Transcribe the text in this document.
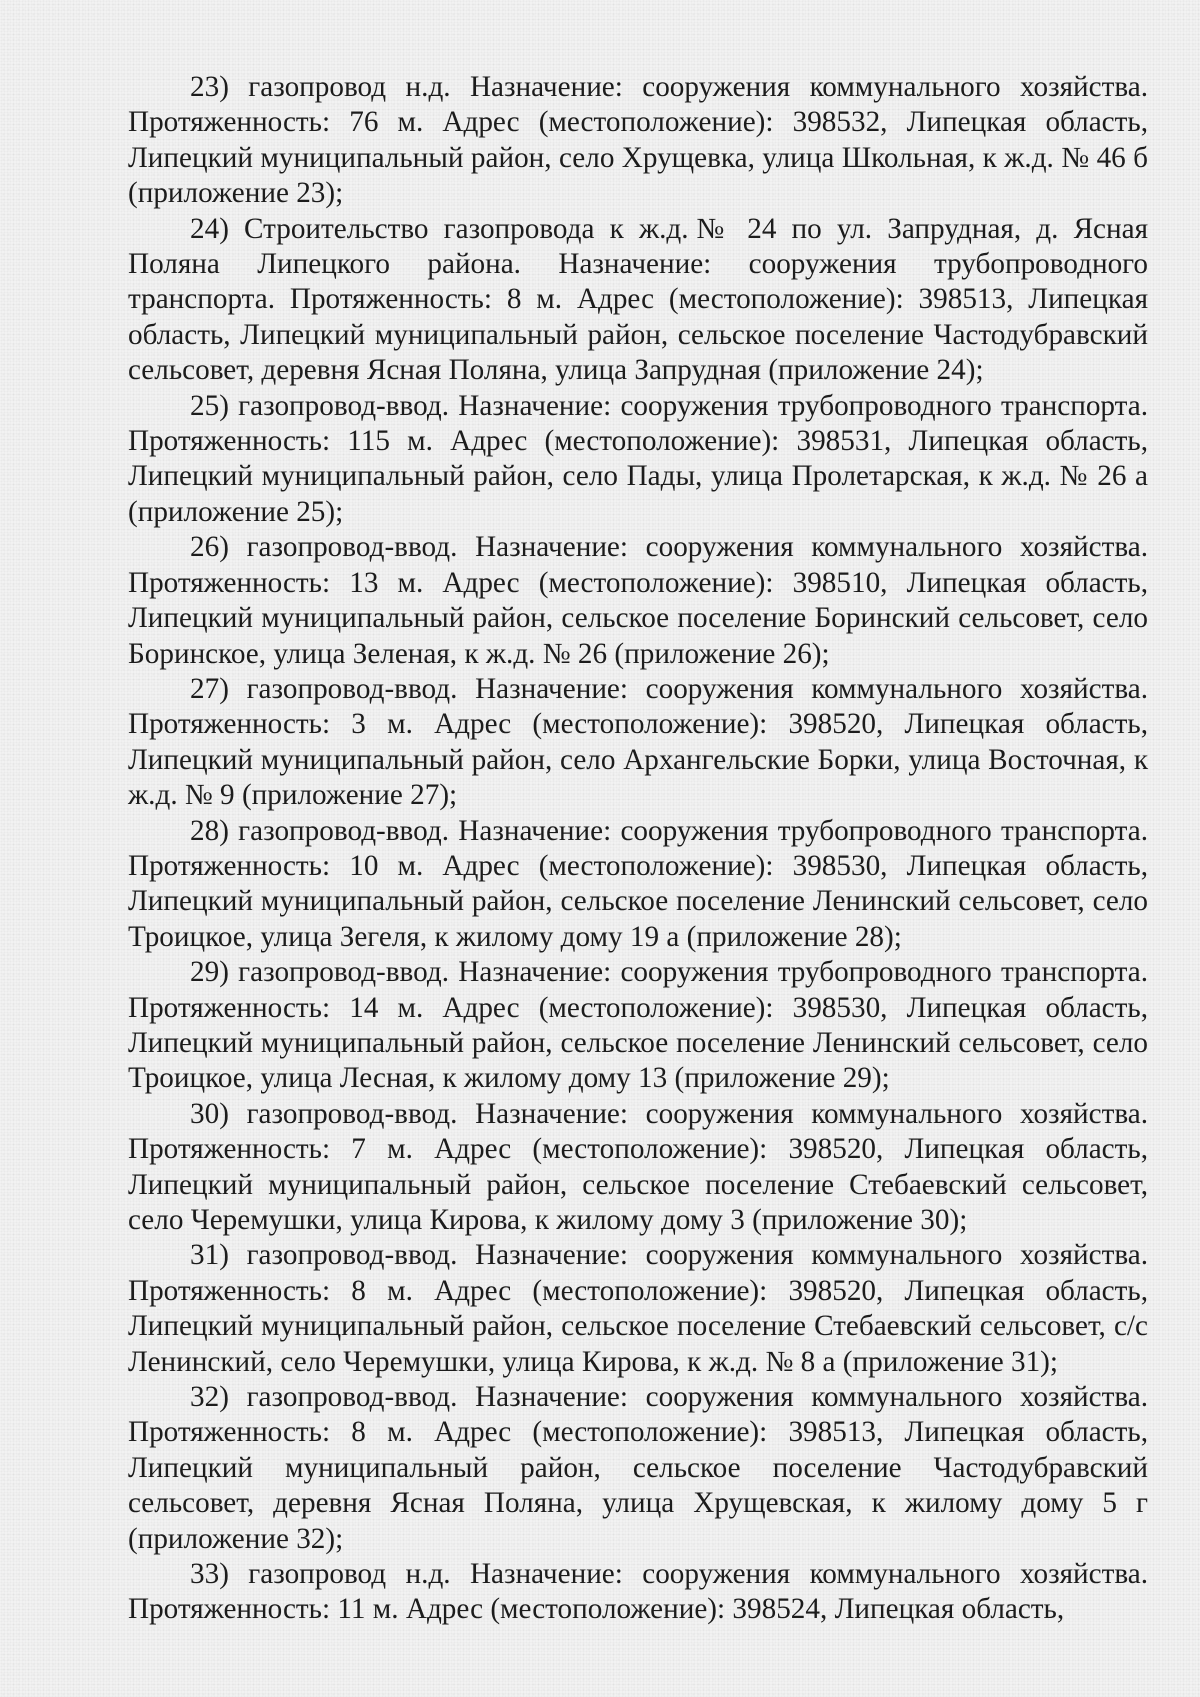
23) газопровод н.д. Назначение: сооружения коммунального хозяйства. Протяженность: 76 м. Адрес (местоположение): 398532, Липецкая область, Липецкий муниципальный район, село Хрущевка, улица Школьная, к ж.д. № 46 б (приложение 23);

24) Строительство газопровода к ж.д.№ 24 по ул. Запрудная, д. Ясная Поляна Липецкого района. Назначение: сооружения трубопроводного транспорта. Протяженность: 8 м. Адрес (местоположение): 398513, Липецкая область, Липецкий муниципальный район, сельское поселение Частодубравский сельсовет, деревня Ясная Поляна, улица Запрудная (приложение 24);

25) газопровод-ввод. Назначение: сооружения трубопроводного транспорта. Протяженность: 115 м. Адрес (местоположение): 398531, Липецкая область, Липецкий муниципальный район, село Пады, улица Пролетарская, к ж.д. № 26 а (приложение 25);

26) газопровод-ввод. Назначение: сооружения коммунального хозяйства. Протяженность: 13 м. Адрес (местоположение): 398510, Липецкая область, Липецкий муниципальный район, сельское поселение Боринский сельсовет, село Боринское, улица Зеленая, к ж.д. № 26 (приложение 26);

27) газопровод-ввод. Назначение: сооружения коммунального хозяйства. Протяженность: 3 м. Адрес (местоположение): 398520, Липецкая область, Липецкий муниципальный район, село Архангельские Борки, улица Восточная, к ж.д. № 9 (приложение 27);

28) газопровод-ввод. Назначение: сооружения трубопроводного транспорта. Протяженность: 10 м. Адрес (местоположение): 398530, Липецкая область, Липецкий муниципальный район, сельское поселение Ленинский сельсовет, село Троицкое, улица Зегеля, к жилому дому 19 а (приложение 28);

29) газопровод-ввод. Назначение: сооружения трубопроводного транспорта. Протяженность: 14 м. Адрес (местоположение): 398530, Липецкая область, Липецкий муниципальный район, сельское поселение Ленинский сельсовет, село Троицкое, улица Лесная, к жилому дому 13 (приложение 29);

30) газопровод-ввод. Назначение: сооружения коммунального хозяйства. Протяженность: 7 м. Адрес (местоположение): 398520, Липецкая область, Липецкий муниципальный район, сельское поселение Стебаевский сельсовет, село Черемушки, улица Кирова, к жилому дому 3 (приложение 30);

31) газопровод-ввод. Назначение: сооружения коммунального хозяйства. Протяженность: 8 м. Адрес (местоположение): 398520, Липецкая область, Липецкий муниципальный район, сельское поселение Стебаевский сельсовет, с/с Ленинский, село Черемушки, улица Кирова, к ж.д. № 8 а (приложение 31);

32) газопровод-ввод. Назначение: сооружения коммунального хозяйства. Протяженность: 8 м. Адрес (местоположение): 398513, Липецкая область, Липецкий муниципальный район, сельское поселение Частодубравский сельсовет, деревня Ясная Поляна, улица Хрущевская, к жилому дому 5 г (приложение 32);

33) газопровод н.д. Назначение: сооружения коммунального хозяйства. Протяженность: 11 м. Адрес (местоположение): 398524, Липецкая область,
